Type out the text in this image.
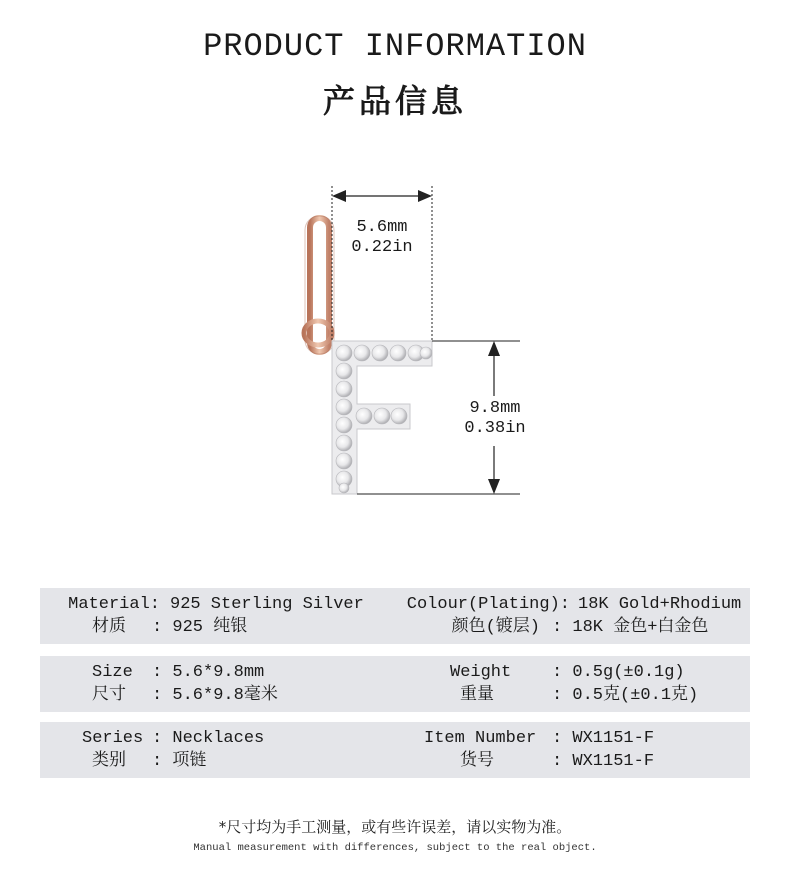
PRODUCT INFORMATION
产品信息
5.6mm
0.22in
9.8mm
0.38in
Material: 925 Sterling Silver
材质 : 925 纯银
Colour(Plating): 18K Gold+Rhodium
颜色(镀层) : 18K 金色+白金色
Size : 5.6*9.8mm
尺寸 : 5.6*9.8毫米
Weight : 0.5g(±0.1g)
重量	: 0.5克(±0.1克)
Series : Necklaces
类别 : 项链
Item Number : WX1151-F
货号	: WX1151-F
*尺寸均为手工测量，或有些许误差，请以实物为准。
Manual measurement with differences, subject to the real object.
